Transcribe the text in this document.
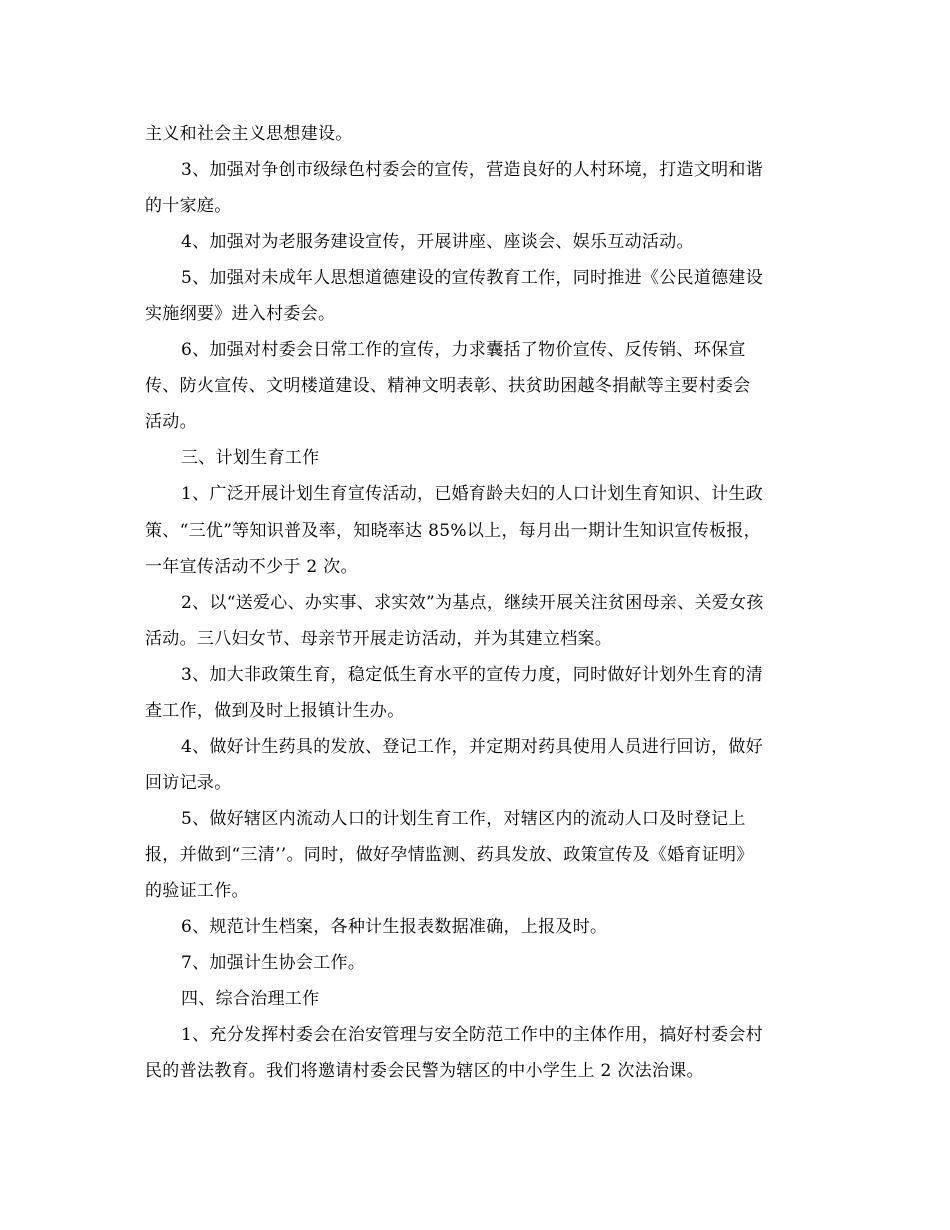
主义和社会主义思想建设。
3、加强对争创市级绿色村委会的宣传，营造良好的人村环境，打造文明和谐
的十家庭。
4、加强对为老服务建设宣传，开展讲座、座谈会、娱乐互动活动。
5、加强对未成年人思想道德建设的宣传教育工作，同时推进《公民道德建设
实施纲要》进入村委会。
6、加强对村委会日常工作的宣传，力求囊括了物价宣传、反传销、环保宣
传、防火宣传、文明楼道建设、精神文明表彰、扶贫助困越冬捐献等主要村委会
活动。
三、计划生育工作
1、广泛开展计划生育宣传活动，已婚育龄夫妇的人口计划生育知识、计生政
策、“三优”等知识普及率，知晓率达 85%以上，每月出一期计生知识宣传板报，
一年宣传活动不少于 2 次。
2、以“送爱心、办实事、求实效”为基点，继续开展关注贫困母亲、关爱女孩
活动。三八妇女节、母亲节开展走访活动，并为其建立档案。
3、加大非政策生育，稳定低生育水平的宣传力度，同时做好计划外生育的清
查工作，做到及时上报镇计生办。
4、做好计生药具的发放、登记工作，并定期对药具使用人员进行回访，做好
回访记录。
5、做好辖区内流动人口的计划生育工作，对辖区内的流动人口及时登记上
报，并做到“三清’’。同时，做好孕情监测、药具发放、政策宣传及《婚育证明》
的验证工作。
6、规范计生档案，各种计生报表数据准确，上报及时。
7、加强计生协会工作。
四、综合治理工作
1、充分发挥村委会在治安管理与安全防范工作中的主体作用，搞好村委会村
民的普法教育。我们将邀请村委会民警为辖区的中小学生上 2 次法治课。
